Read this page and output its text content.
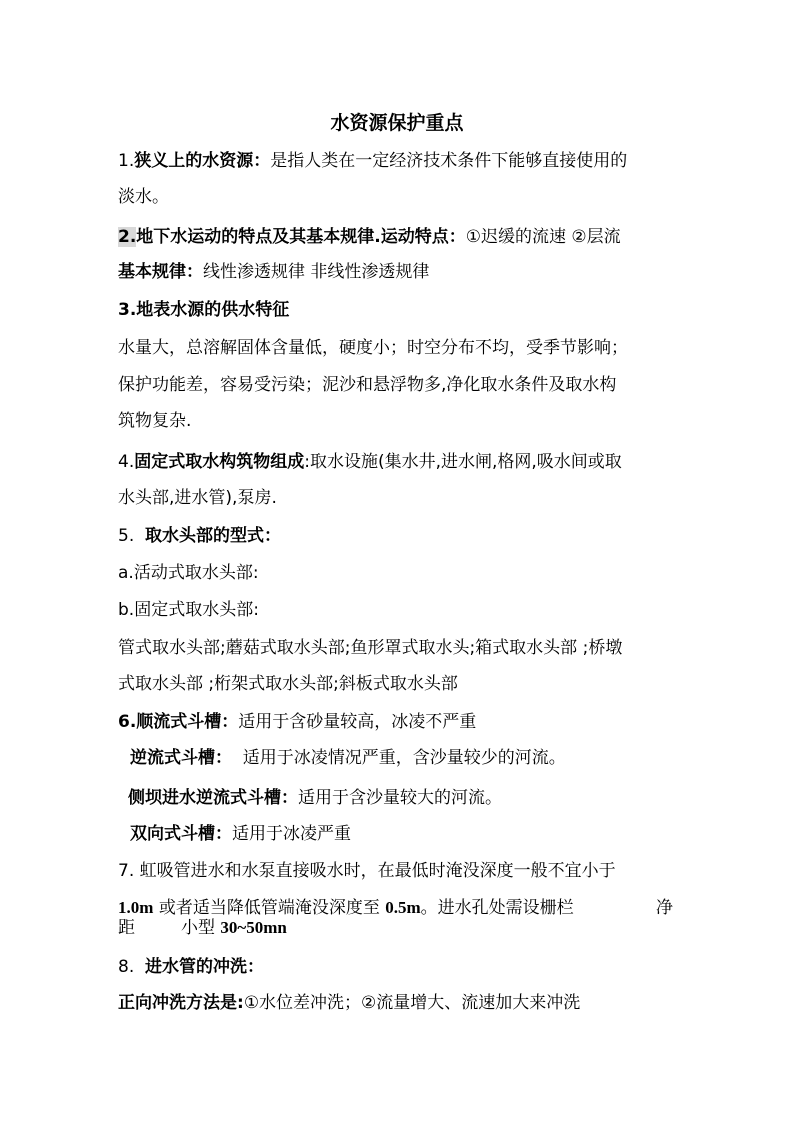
水资源保护重点
1.狭义上的水资源：是指人类在一定经济技术条件下能够直接使用的
淡水。
2.地下水运动的特点及其基本规律.运动特点：①迟缓的流速 ②层流
基本规律：线性渗透规律 非线性渗透规律
3.地表水源的供水特征
水量大，总溶解固体含量低，硬度小；时空分布不均，受季节影响；
保护功能差，容易受污染；泥沙和悬浮物多,净化取水条件及取水构
筑物复杂.
4.固定式取水构筑物组成:取水设施(集水井,进水闸,格网,吸水间或取
水头部,进水管),泵房.
5.  取水头部的型式：
a.活动式取水头部:
b.固定式取水头部:
管式取水头部;蘑菇式取水头部;鱼形罩式取水头;箱式取水头部 ;桥墩
式取水头部 ;桁架式取水头部;斜板式取水头部
6.顺流式斗槽：适用于含砂量较高，冰凌不严重
逆流式斗槽：  适用于冰凌情况严重，含沙量较少的河流。
侧坝进水逆流式斗槽：适用于含沙量较大的河流。
双向式斗槽：适用于冰凌严重
7. 虹吸管进水和水泵直接吸水时，在最低时淹没深度一般不宜小于
1.0m 或者适当降低管端淹没深度至 0.5m。进水孔处需设栅栏	净
距	小型 30~50mn
8.  进水管的冲洗：
正向冲洗方法是:①水位差冲洗；②流量增大、流速加大来冲洗
